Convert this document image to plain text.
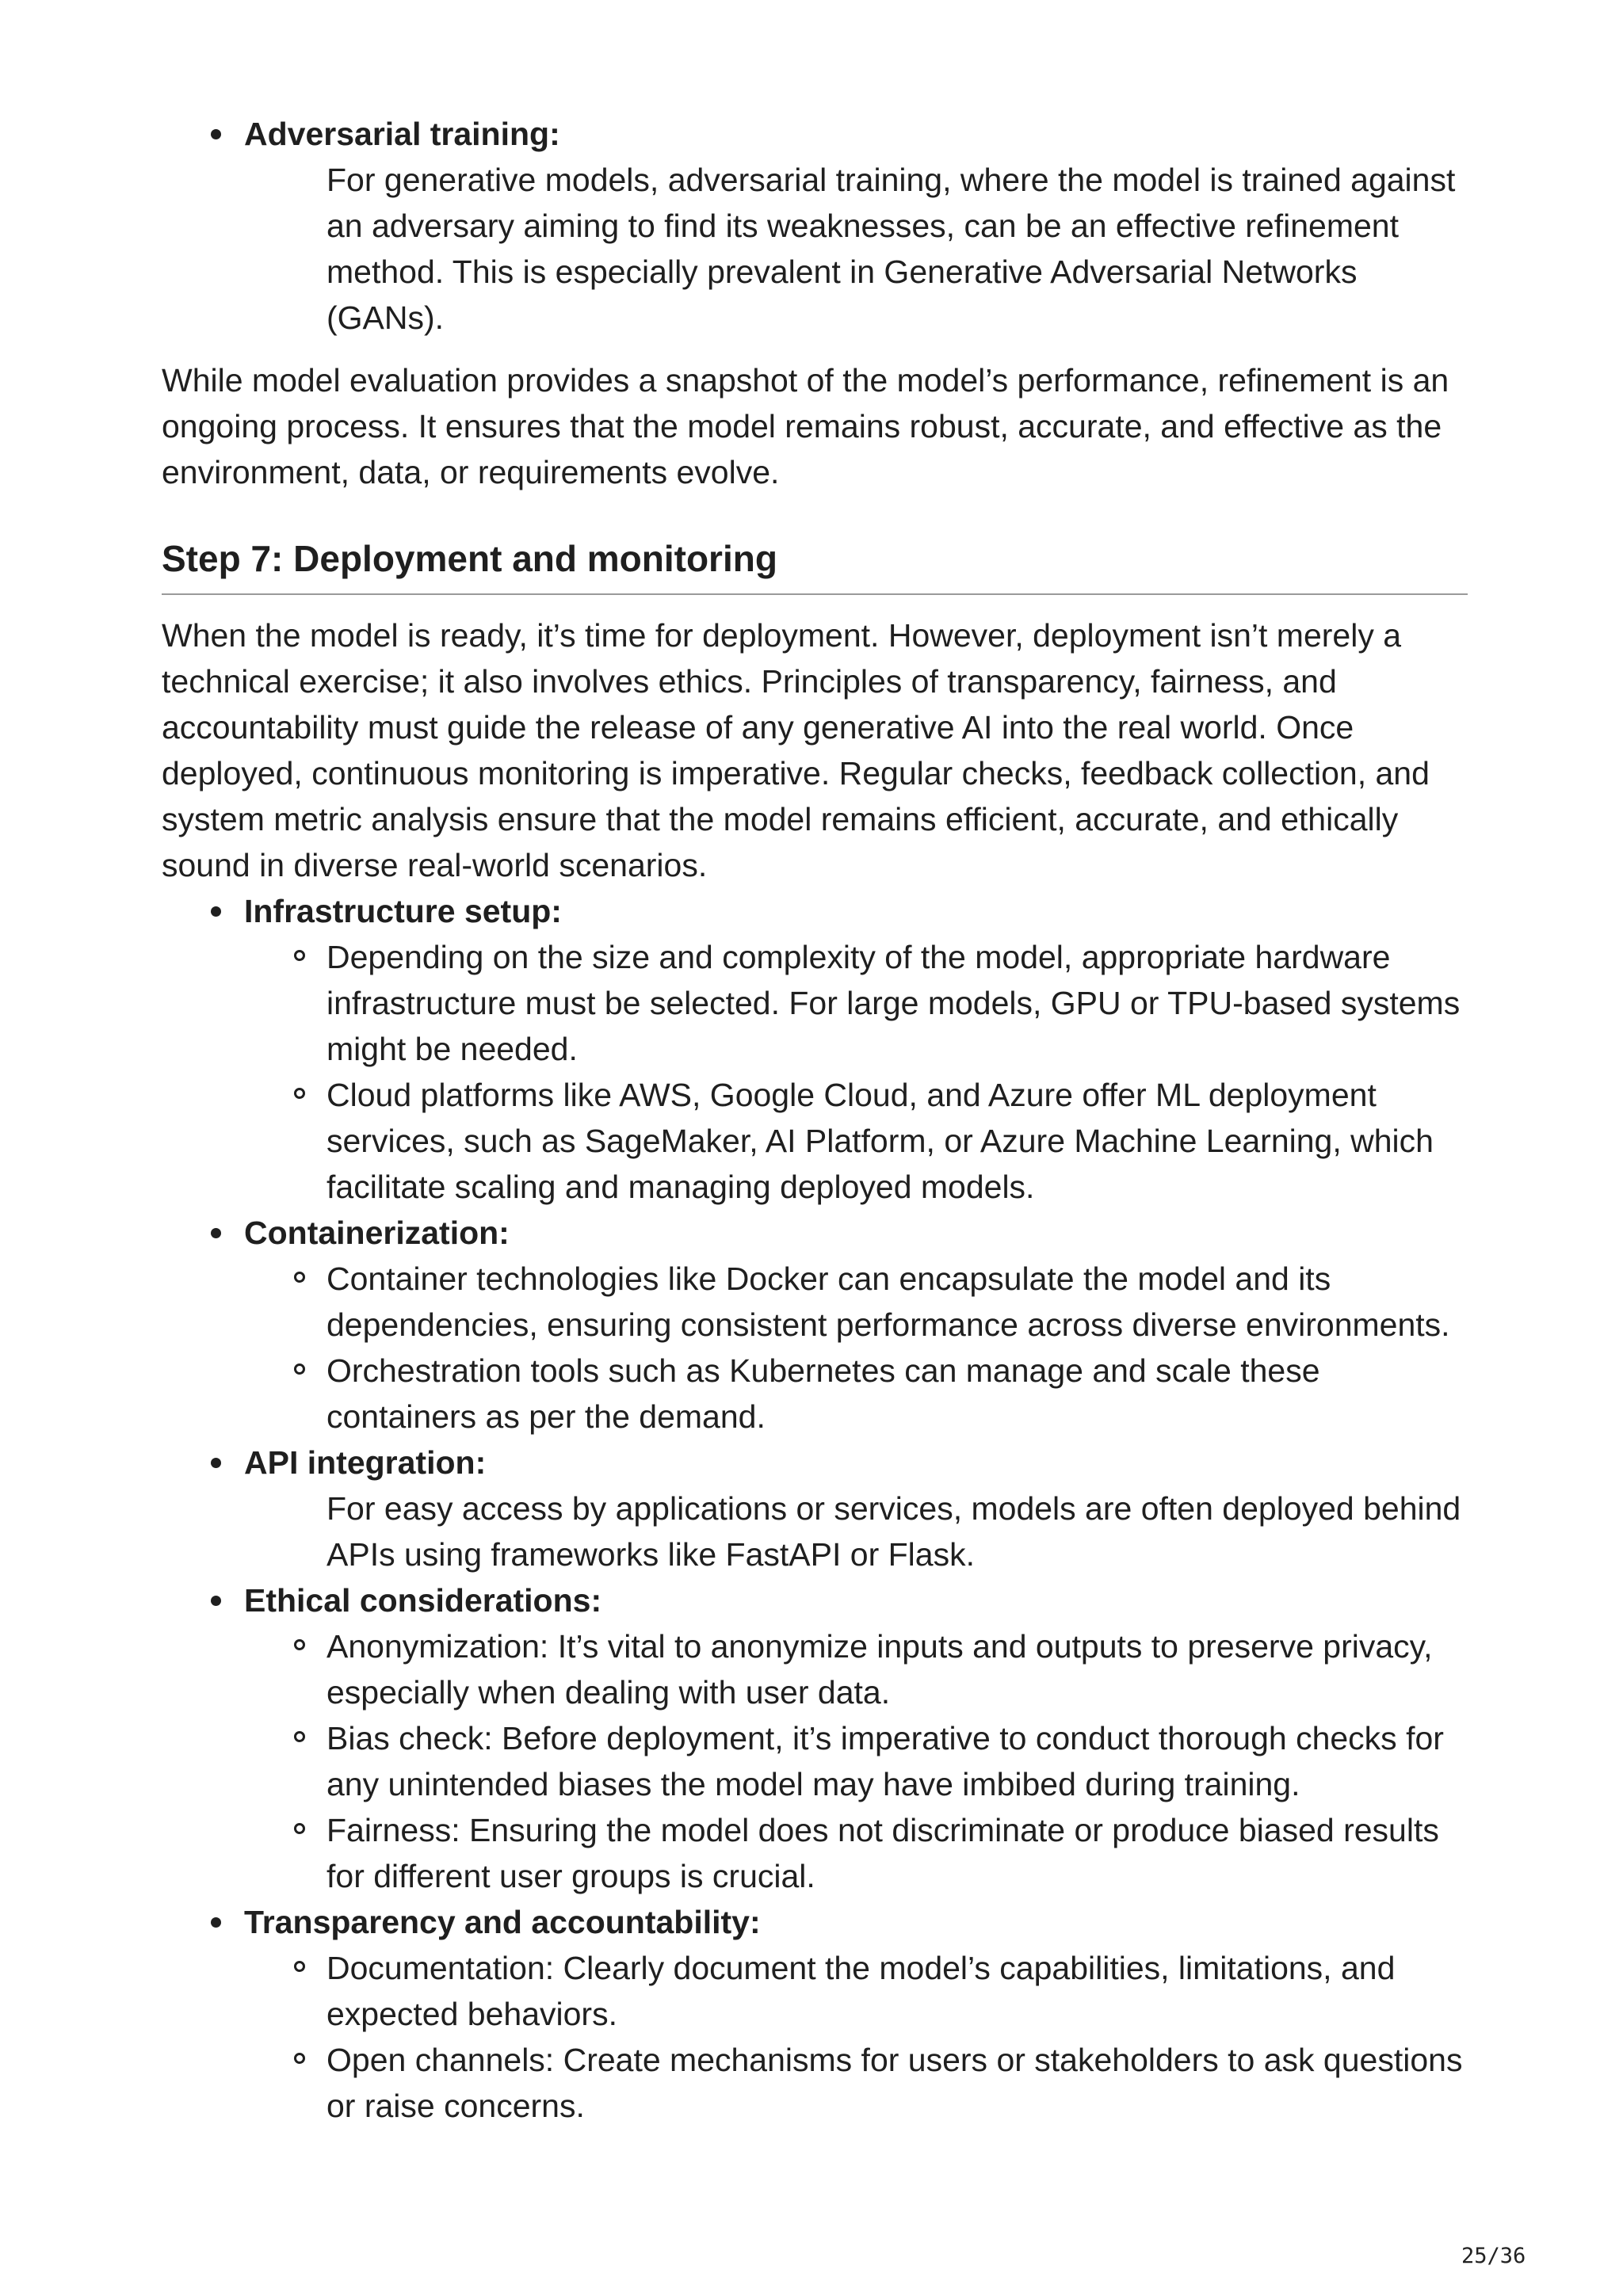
Adversarial training:
For generative models, adversarial training, where the model is trained against an adversary aiming to find its weaknesses, can be an effective refinement method. This is especially prevalent in Generative Adversarial Networks (GANs).

While model evaluation provides a snapshot of the model’s performance, refinement is an ongoing process. It ensures that the model remains robust, accurate, and effective as the environment, data, or requirements evolve.

Step 7: Deployment and monitoring

When the model is ready, it’s time for deployment. However, deployment isn’t merely a technical exercise; it also involves ethics. Principles of transparency, fairness, and accountability must guide the release of any generative AI into the real world. Once deployed, continuous monitoring is imperative. Regular checks, feedback collection, and system metric analysis ensure that the model remains efficient, accurate, and ethically sound in diverse real-world scenarios.

Infrastructure setup:
Depending on the size and complexity of the model, appropriate hardware infrastructure must be selected. For large models, GPU or TPU-based systems might be needed.
Cloud platforms like AWS, Google Cloud, and Azure offer ML deployment services, such as SageMaker, AI Platform, or Azure Machine Learning, which facilitate scaling and managing deployed models.
Containerization:
Container technologies like Docker can encapsulate the model and its dependencies, ensuring consistent performance across diverse environments.
Orchestration tools such as Kubernetes can manage and scale these containers as per the demand.
API integration:
For easy access by applications or services, models are often deployed behind APIs using frameworks like FastAPI or Flask.
Ethical considerations:
Anonymization: It’s vital to anonymize inputs and outputs to preserve privacy, especially when dealing with user data.
Bias check: Before deployment, it’s imperative to conduct thorough checks for any unintended biases the model may have imbibed during training.
Fairness: Ensuring the model does not discriminate or produce biased results for different user groups is crucial.
Transparency and accountability:
Documentation: Clearly document the model’s capabilities, limitations, and expected behaviors.
Open channels: Create mechanisms for users or stakeholders to ask questions or raise concerns.
25/36
